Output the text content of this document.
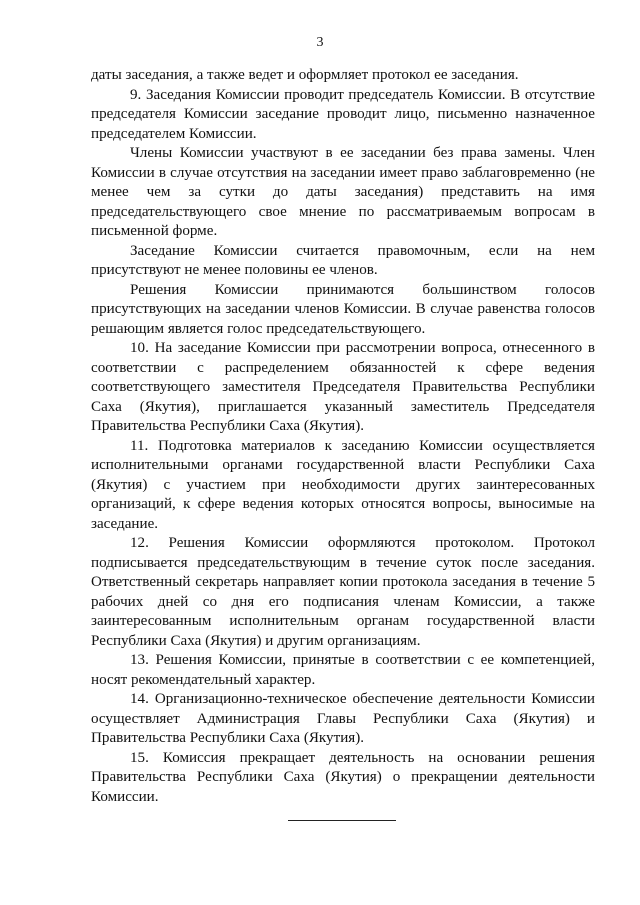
3

даты заседания, а также ведет и оформляет протокол ее заседания.

9. Заседания Комиссии проводит председатель Комиссии. В отсутствие председателя Комиссии заседание проводит лицо, письменно назначенное председателем Комиссии.

Члены Комиссии участвуют в ее заседании без права замены. Член Комиссии в случае отсутствия на заседании имеет право заблаговременно (не менее чем за сутки до даты заседания) представить на имя председательствующего свое мнение по рассматриваемым вопросам в письменной форме.

Заседание Комиссии считается правомочным, если на нем присутствуют не менее половины ее членов.

Решения Комиссии принимаются большинством голосов присутствующих на заседании членов Комиссии. В случае равенства голосов решающим является голос председательствующего.

10. На заседание Комиссии при рассмотрении вопроса, отнесенного в соответствии с распределением обязанностей к сфере ведения соответствующего заместителя Председателя Правительства Республики Саха (Якутия), приглашается указанный заместитель Председателя Правительства Республики Саха (Якутия).

11. Подготовка материалов к заседанию Комиссии осуществляется исполнительными органами государственной власти Республики Саха (Якутия) с участием при необходимости других заинтересованных организаций, к сфере ведения которых относятся вопросы, выносимые на заседание.

12. Решения Комиссии оформляются протоколом. Протокол подписывается председательствующим в течение суток после заседания. Ответственный секретарь направляет копии протокола заседания в течение 5 рабочих дней со дня его подписания членам Комиссии, а также заинтересованным исполнительным органам государственной власти Республики Саха (Якутия) и другим организациям.

13. Решения Комиссии, принятые в соответствии с ее компетенцией, носят рекомендательный характер.

14. Организационно-техническое обеспечение деятельности Комиссии осуществляет Администрация Главы Республики Саха (Якутия) и Правительства Республики Саха (Якутия).

15. Комиссия прекращает деятельность на основании решения Правительства Республики Саха (Якутия) о прекращении деятельности Комиссии.
